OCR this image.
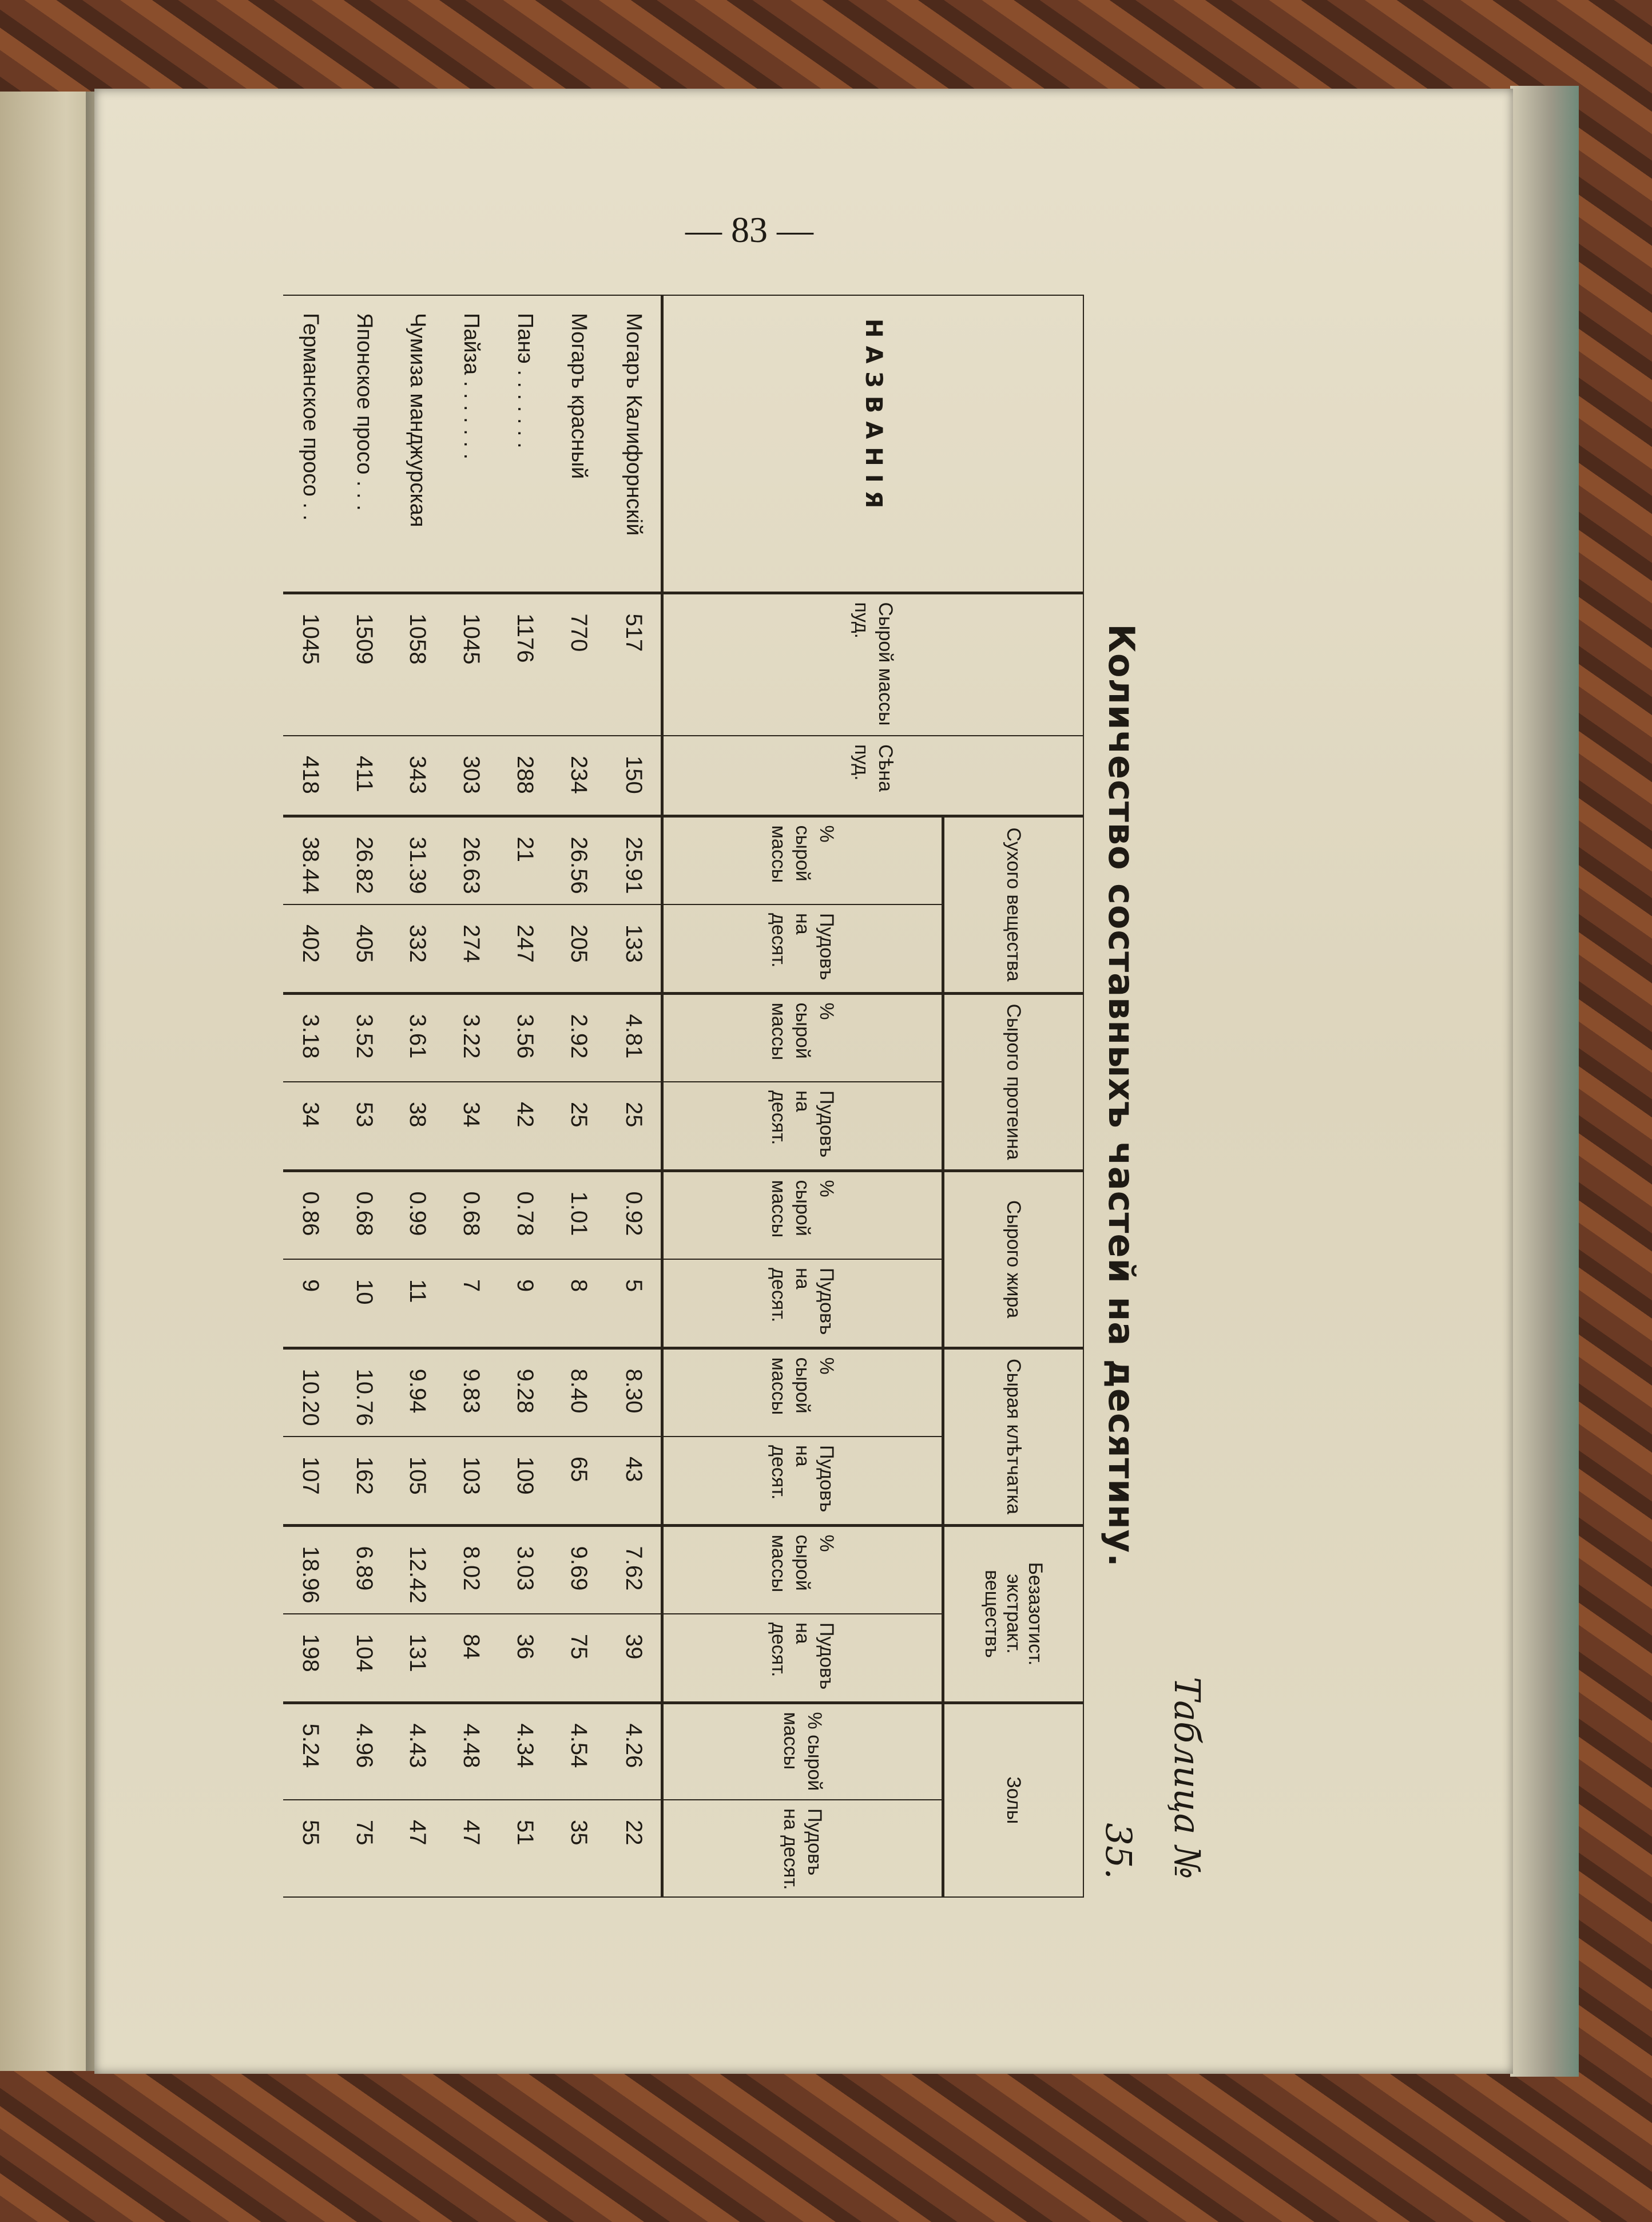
— 83 —
Таблица № 35.
Количество составныхъ частей на десятину.
НАЗВАНIЯ	Сырой массы пуд.	Сѣна пуд.	Сухого вещества		Сырого протеина		Сырого жира		Сырая клѣтчатка		Безазотист. экстракт. веществъ		Золы	
			% сырой массы	Пудовъ на десят.	% сырой массы	Пудовъ на десят.	% сырой массы	Пудовъ на десят.	% сырой массы	Пудовъ на десят.	% сырой массы	Пудовъ на десят.	% сырой массы	Пудовъ на десят.
Могаръ Калифорнскiй	517	150	25.91	133	4.81	25	0.92	5	8.30	43	7.62	39	4.26	22
Могаръ красный	770	234	26.56	205	2.92	25	1.01	8	8.40	65	9.69	75	4.54	35
Панэ . . . . . . .	1176	288	21	247	3.56	42	0.78	9	9.28	109	3.03	36	4.34	51
Пайза . . . . . . .	1045	303	26.63	274	3.22	34	0.68	7	9.83	103	8.02	84	4.48	47
Чумиза манджурская	1058	343	31.39	332	3.61	38	0.99	11	9.94	105	12.42	131	4.43	47
Японское просо . . .	1509	411	26.82	405	3.52	53	0.68	10	10.76	162	6.89	104	4.96	75
Германское просо . .	1045	418	38.44	402	3.18	34	0.86	9	10.20	107	18.96	198	5.24	55
